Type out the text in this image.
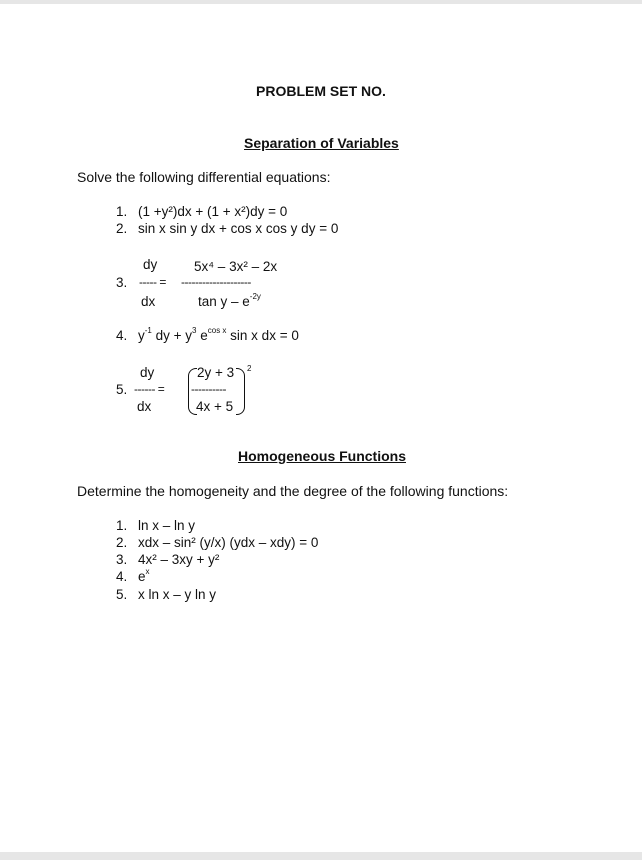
PROBLEM SET NO.
Separation of Variables
Solve the following differential equations:
1. (1 +y²)dx + (1 + x²)dy = 0
2. sin x sin y dx + cos x cos y dy = 0
dy
3. ----- = --------------------
dx
5x⁴ – 3x² – 2x
tan y – $e^{-2y}$
4. $y^{-1}$ dy + $y^3$ $e^{cos x}$ sin x dx = 0
dy
5. ------ =
dx
2y + 3
----------
4x + 5
2
Homogeneous Functions
Determine the homogeneity and the degree of the following functions:
1. ln x – ln y
2. xdx – sin² (y/x) (ydx – xdy) = 0
3. 4x² – 3xy + y²
4. $e^x$
5. x ln x – y ln y
